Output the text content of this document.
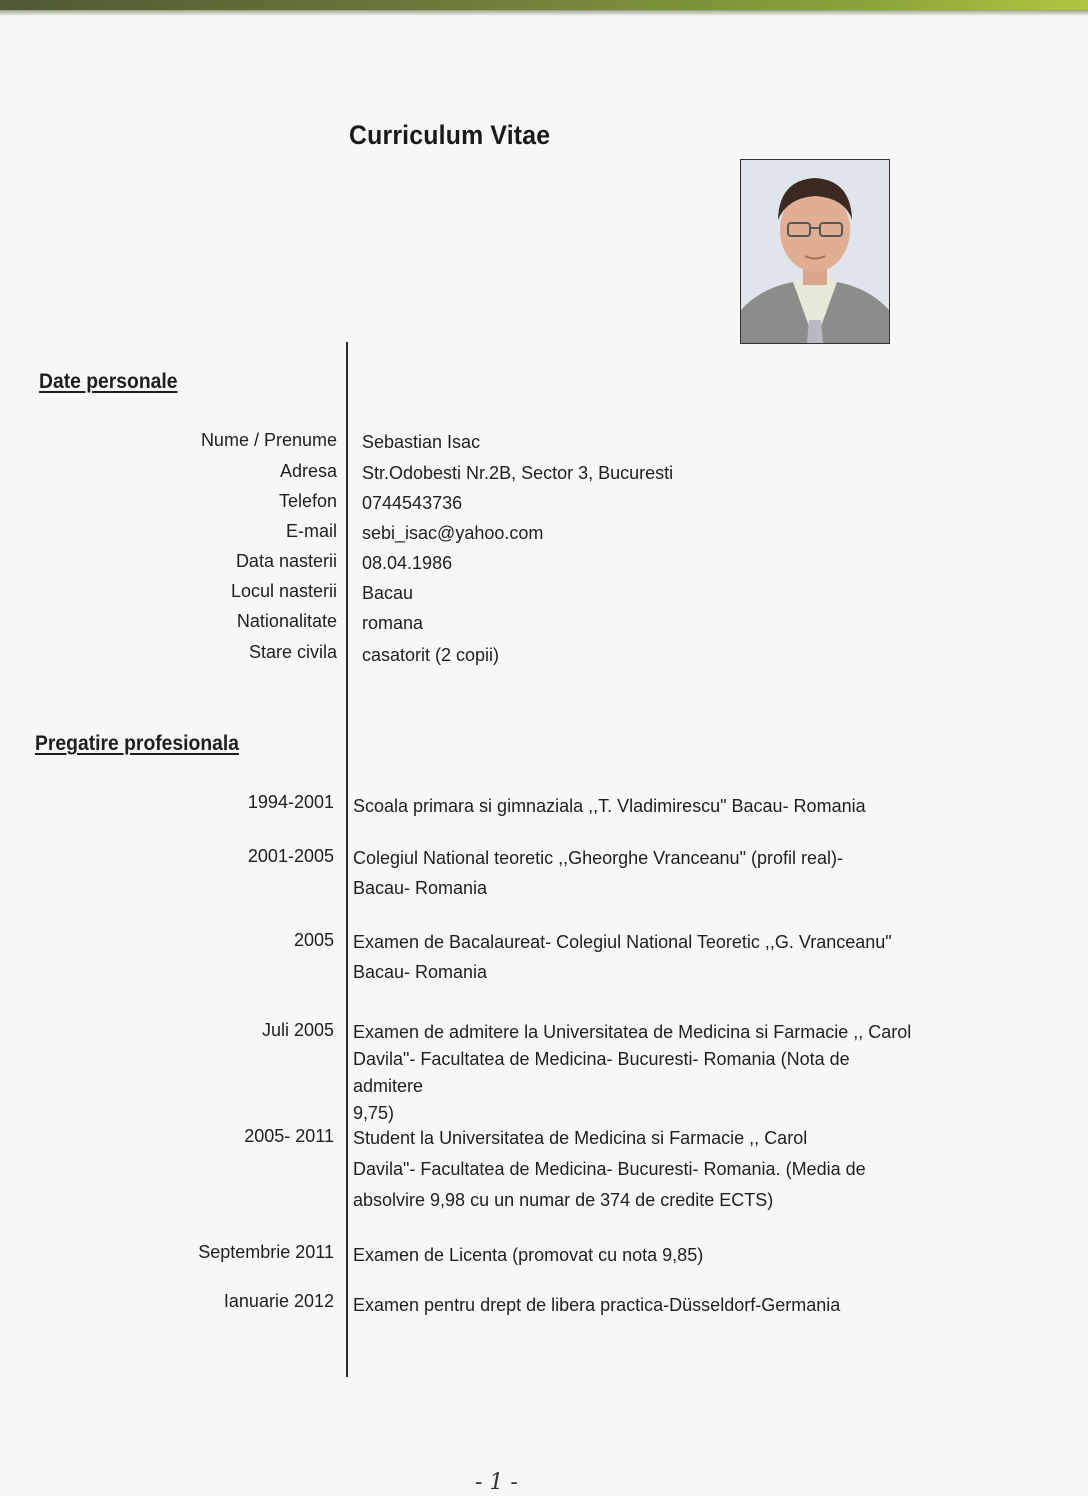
Curriculum Vitae
Date personale
Nume / Prenume Sebastian Isac
Adresa Str.Odobesti Nr.2B, Sector 3, Bucuresti
Telefon 0744543736
E-mail sebi_isac@yahoo.com
Data nasterii 08.04.1986
Locul nasterii Bacau
Nationalitate romana
Stare civila casatorit (2 copii)
Pregatire profesionala
1994-2001 Scoala primara si gimnaziala ,,T. Vladimirescu" Bacau- Romania
2001-2005 Colegiul National teoretic ,,Gheorghe Vranceanu" (profil real)-
Bacau- Romania
2005 Examen de Bacalaureat- Colegiul National Teoretic ,,G. Vranceanu"
Bacau- Romania
Juli 2005 Examen de admitere la Universitatea de Medicina si Farmacie ,, Carol
Davila"- Facultatea de Medicina- Bucuresti- Romania (Nota de admitere
9,75)
2005- 2011 Student la Universitatea de Medicina si Farmacie ,, Carol
Davila"- Facultatea de Medicina- Bucuresti- Romania. (Media de
absolvire 9,98 cu un numar de 374 de credite ECTS)
Septembrie 2011 Examen de Licenta (promovat cu nota 9,85)
Ianuarie 2012 Examen pentru drept de libera practica-Düsseldorf-Germania
- 1 -
